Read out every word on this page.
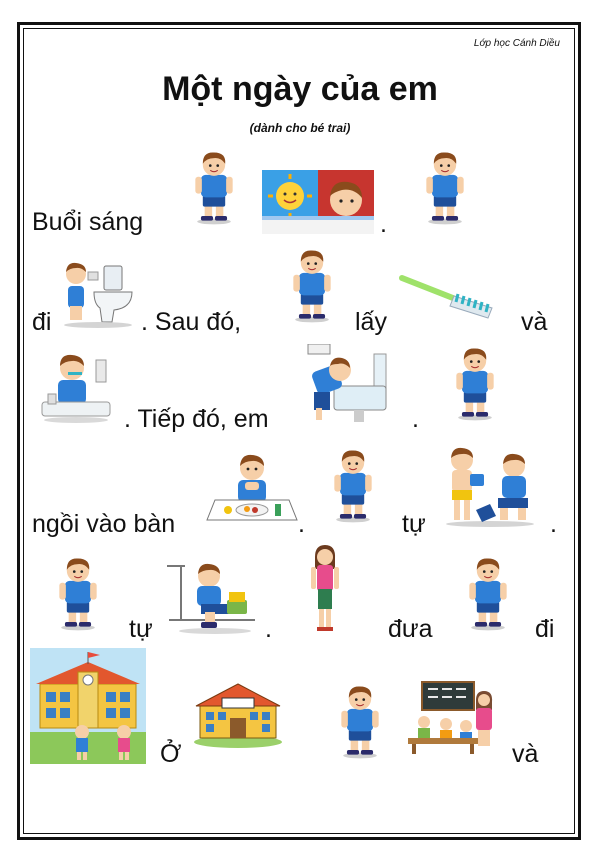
Lớp học Cánh Diều
Một ngày của em
(dành cho bé trai)
Buổi sáng	.
đi	. Sau đó,	lấy	và
. Tiếp đó, em	.
ngồi vào bàn	.	tự	.
tự	.	đưa	đi
Ở	và
